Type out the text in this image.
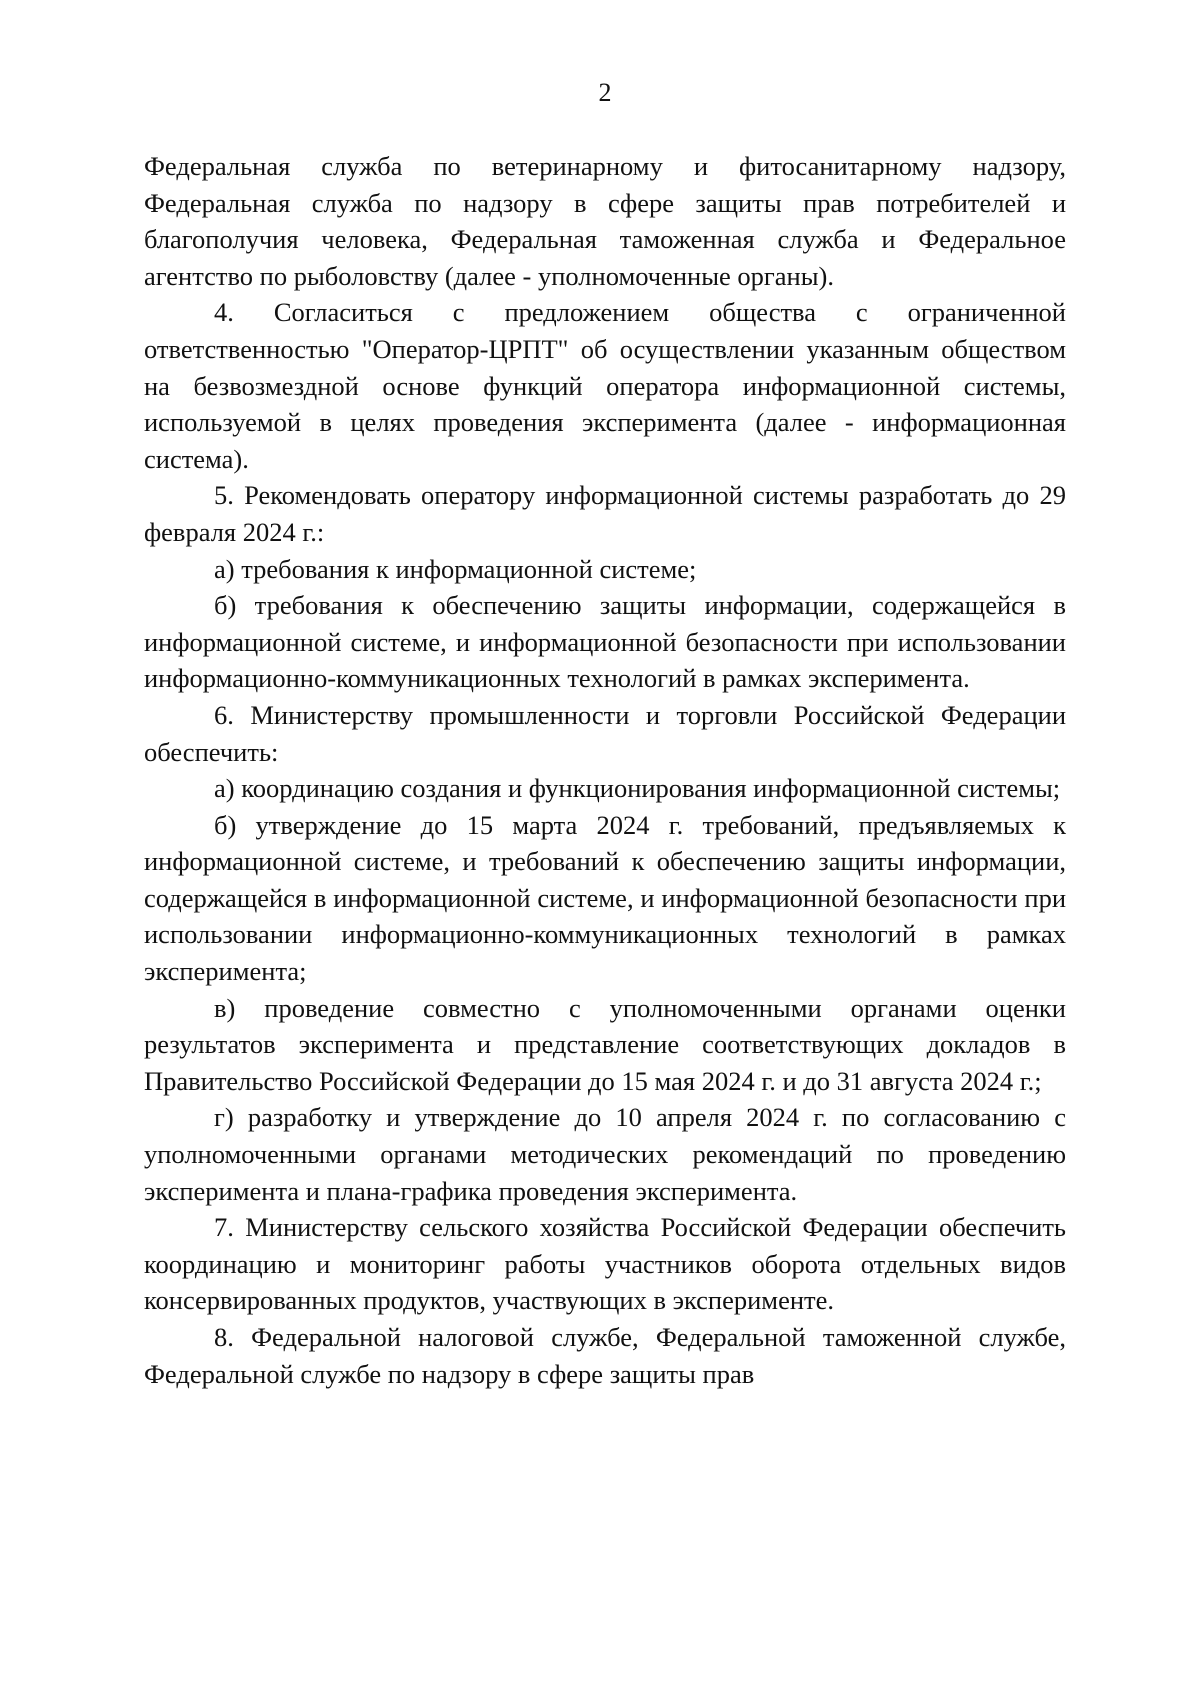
2

Федеральная служба по ветеринарному и фитосанитарному надзору, Федеральная служба по надзору в сфере защиты прав потребителей и благополучия человека, Федеральная таможенная служба и Федеральное агентство по рыболовству (далее - уполномоченные органы).

4. Согласиться с предложением общества с ограниченной ответственностью "Оператор-ЦРПТ" об осуществлении указанным обществом на безвозмездной основе функций оператора информационной системы, используемой в целях проведения эксперимента (далее - информационная система).

5. Рекомендовать оператору информационной системы разработать до 29 февраля 2024 г.:

а) требования к информационной системе;

б) требования к обеспечению защиты информации, содержащейся в информационной системе, и информационной безопасности при использовании информационно-коммуникационных технологий в рамках эксперимента.

6. Министерству промышленности и торговли Российской Федерации обеспечить:

а) координацию создания и функционирования информационной системы;

б) утверждение до 15 марта 2024 г. требований, предъявляемых к информационной системе, и требований к обеспечению защиты информации, содержащейся в информационной системе, и информационной безопасности при использовании информационно-коммуникационных технологий в рамках эксперимента;

в) проведение совместно с уполномоченными органами оценки результатов эксперимента и представление соответствующих докладов в Правительство Российской Федерации до 15 мая 2024 г. и до 31 августа 2024 г.;

г) разработку и утверждение до 10 апреля 2024 г. по согласованию с уполномоченными органами методических рекомендаций по проведению эксперимента и плана-графика проведения эксперимента.

7. Министерству сельского хозяйства Российской Федерации обеспечить координацию и мониторинг работы участников оборота отдельных видов консервированных продуктов, участвующих в эксперименте.

8. Федеральной налоговой службе, Федеральной таможенной службе, Федеральной службе по надзору в сфере защиты прав
